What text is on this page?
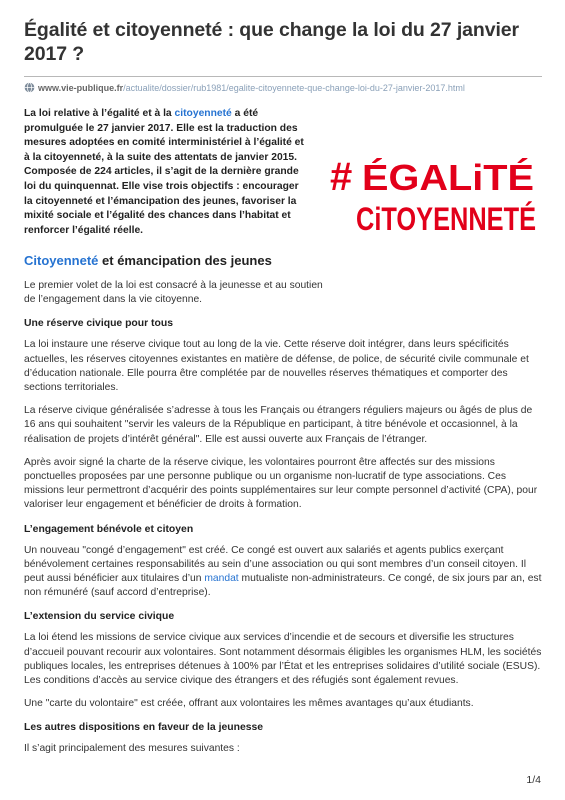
Égalité et citoyenneté : que change la loi du 27 janvier 2017 ?
www.vie-publique.fr /actualite/dossier/rub1981/egalite-citoyennete-que-change-loi-du-27-janvier-2017.html

La loi relative à l’égalité et à la citoyenneté a été promulguée le 27 janvier 2017. Elle est la traduction des mesures adoptées en comité interministériel à l’égalité et à la citoyenneté, à la suite des attentats de janvier 2015. Composée de 224 articles, il s’agit de la dernière grande loi du quinquennat. Elle vise trois objectifs : encourager la citoyenneté et l’émancipation des jeunes, favoriser la mixité sociale et l’égalité des chances dans l’habitat et renforcer l’égalité réelle.

# ÉGALiTÉ
CiTOYENNETÉ
Citoyenneté et émancipation des jeunes

Le premier volet de la loi est consacré à la jeunesse et au soutien de l’engagement dans la vie citoyenne.

Une réserve civique pour tous

La loi instaure une réserve civique tout au long de la vie. Cette réserve doit intégrer, dans leurs spécificités actuelles, les réserves citoyennes existantes en matière de défense, de police, de sécurité civile communale et d’éducation nationale. Elle pourra être complétée par de nouvelles réserves thématiques et comporter des sections territoriales.

La réserve civique généralisée s’adresse à tous les Français ou étrangers réguliers majeurs ou âgés de plus de 16 ans qui souhaitent "servir les valeurs de la République en participant, à titre bénévole et occasionnel, à la réalisation de projets d’intérêt général". Elle est aussi ouverte aux Français de l’étranger.

Après avoir signé la charte de la réserve civique, les volontaires pourront être affectés sur des missions ponctuelles proposées par une personne publique ou un organisme non-lucratif de type associations. Ces missions leur permettront d’acquérir des points supplémentaires sur leur compte personnel d’activité (CPA), pour valoriser leur engagement et bénéficier de droits à formation.

L’engagement bénévole et citoyen

Un nouveau "congé d’engagement" est créé. Ce congé est ouvert aux salariés et agents publics exerçant bénévolement certaines responsabilités au sein d’une association ou qui sont membres d’un conseil citoyen. Il peut aussi bénéficier aux titulaires d’un mandat mutualiste non-administrateurs. Ce congé, de six jours par an, est non rémunéré (sauf accord d’entreprise).

L’extension du service civique

La loi étend les missions de service civique aux services d’incendie et de secours et diversifie les structures d’accueil pouvant recourir aux volontaires. Sont notamment désormais éligibles les organismes HLM, les sociétés publiques locales, les entreprises détenues à 100% par l’État et les entreprises solidaires d’utilité sociale (ESUS). Les conditions d’accès au service civique des étrangers et des réfugiés sont également revues.

Une "carte du volontaire" est créée, offrant aux volontaires les mêmes avantages qu’aux étudiants.

Les autres dispositions en faveur de la jeunesse

Il s’agit principalement des mesures suivantes :

1/4
